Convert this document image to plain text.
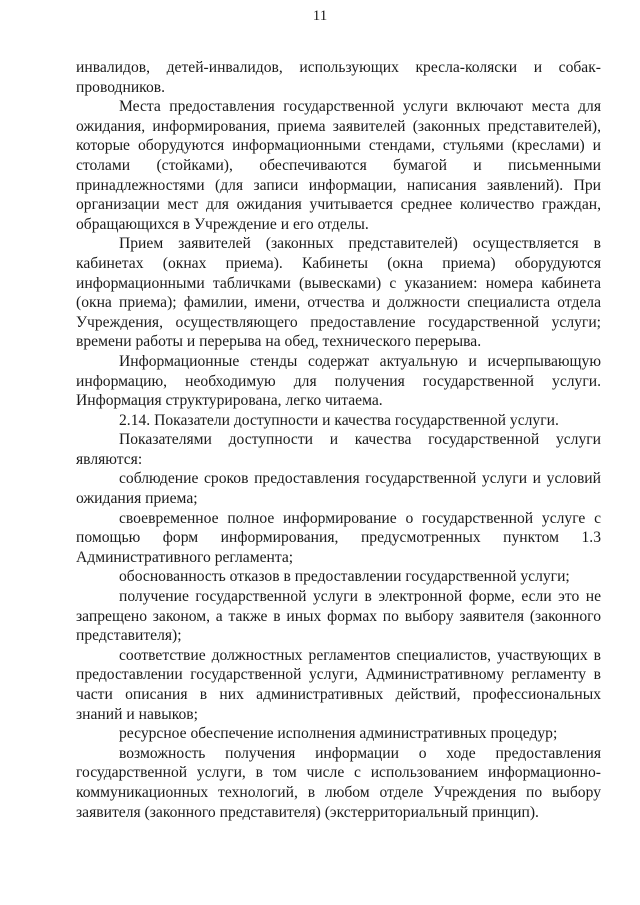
11

инвалидов, детей-инвалидов, использующих кресла-коляски и собак-проводников.

Места предоставления государственной услуги включают места для ожидания, информирования, приема заявителей (законных представителей), которые оборудуются информационными стендами, стульями (креслами) и столами (стойками), обеспечиваются бумагой и письменными принадлежностями (для записи информации, написания заявлений). При организации мест для ожидания учитывается среднее количество граждан, обращающихся в Учреждение и его отделы.

Прием заявителей (законных представителей) осуществляется в кабинетах (окнах приема). Кабинеты (окна приема) оборудуются информационными табличками (вывесками) с указанием: номера кабинета (окна приема); фамилии, имени, отчества и должности специалиста отдела Учреждения, осуществляющего предоставление государственной услуги; времени работы и перерыва на обед, технического перерыва.

Информационные стенды содержат актуальную и исчерпывающую информацию, необходимую для получения государственной услуги. Информация структурирована, легко читаема.

2.14. Показатели доступности и качества государственной услуги.

Показателями доступности и качества государственной услуги являются:

соблюдение сроков предоставления государственной услуги и условий ожидания приема;

своевременное полное информирование о государственной услуге с помощью форм информирования, предусмотренных пунктом 1.3 Административного регламента;

обоснованность отказов в предоставлении государственной услуги;

получение государственной услуги в электронной форме, если это не запрещено законом, а также в иных формах по выбору заявителя (законного представителя);

соответствие должностных регламентов специалистов, участвующих в предоставлении государственной услуги, Административному регламенту в части описания в них административных действий, профессиональных знаний и навыков;

ресурсное обеспечение исполнения административных процедур;

возможность получения информации о ходе предоставления государственной услуги, в том числе с использованием информационно-коммуникационных технологий, в любом отделе Учреждения по выбору заявителя (законного представителя) (экстерриториальный принцип).
